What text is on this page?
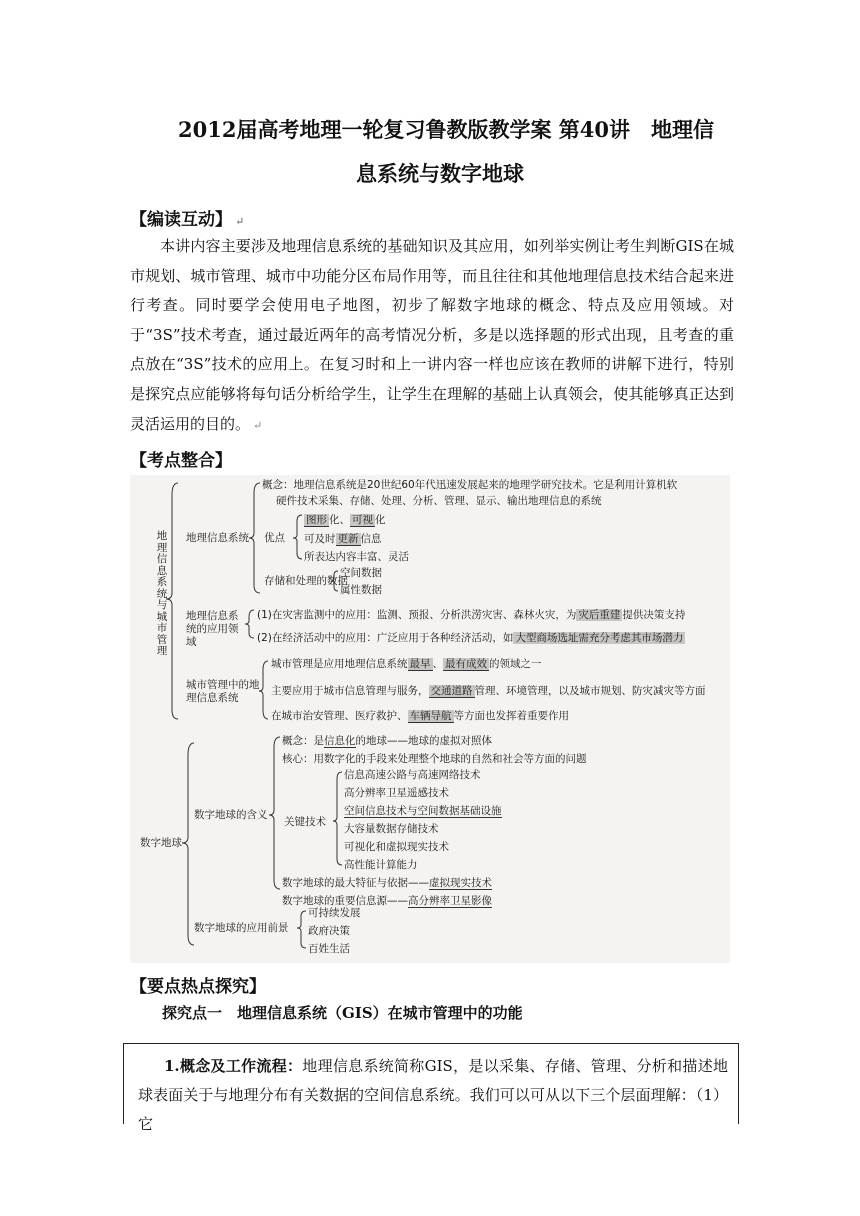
2012届高考地理一轮复习鲁教版教学案 第40讲　地理信
息系统与数字地球
【编读互动】 ↵
本讲内容主要涉及地理信息系统的基础知识及其应用，如列举实例让考生判断GIS在城市规划、城市管理、城市中功能分区布局作用等，而且往往和其他地理信息技术结合起来进行考查。同时要学会使用电子地图，初步了解数字地球的概念、特点及应用领域。对于“3S”技术考查，通过最近两年的高考情况分析，多是以选择题的形式出现，且考查的重点放在“3S”技术的应用上。在复习时和上一讲内容一样也应该在教师的讲解下进行，特别是探究点应能够将每句话分析给学生，让学生在理解的基础上认真领会，使其能够真正达到灵活运用的目的。 ↵
【考点整合】
地理信息系统与城市管理
地理信息系统
概念：地理信息系统是20世纪60年代迅速发展起来的地理学研究技术。它是利用计算机软
硬件技术采集、存储、处理、分析、管理、显示、输出地理信息的系统
优点
图形 化、 可视 化
可及时 更新 信息
所表达内容丰富、灵活
存储和处理的数据
空间数据
属性数据
地理信息系统的应用领域
(1)在灾害监测中的应用：监测、预报、分析洪涝灾害、森林火灾，为 灾后重建 提供决策支持
(2)在经济活动中的应用：广泛应用于各种经济活动，如 大型商场选址需充分考虑其市场潜力
城市管理中的地理信息系统
城市管理是应用地理信息系统 最早 、 最有成效 的领域之一
主要应用于城市信息管理与服务， 交通道路 管理、环境管理，以及城市规划、防灾减灾等方面
在城市治安管理、医疗救护、 车辆导航 等方面也发挥着重要作用
数字地球
数字地球的含义
概念：是信息化的地球——地球的虚拟对照体
核心：用数字化的手段来处理整个地球的自然和社会等方面的问题
关键技术
信息高速公路与高速网络技术
高分辨率卫星遥感技术
空间信息技术与空间数据基础设施
大容量数据存储技术
可视化和虚拟现实技术
高性能计算能力
数字地球的最大特征与依据——虚拟现实技术
数字地球的重要信息源——高分辨率卫星影像
数字地球的应用前景
可持续发展
政府决策
百姓生活
【要点热点探究】
探究点一　地理信息系统（GIS）在城市管理中的功能

1.概念及工作流程：地理信息系统简称GIS，是以采集、存储、管理、分析和描述地球表面关于与地理分布有关数据的空间信息系统。我们可以可从以下三个层面理解：（1）它
